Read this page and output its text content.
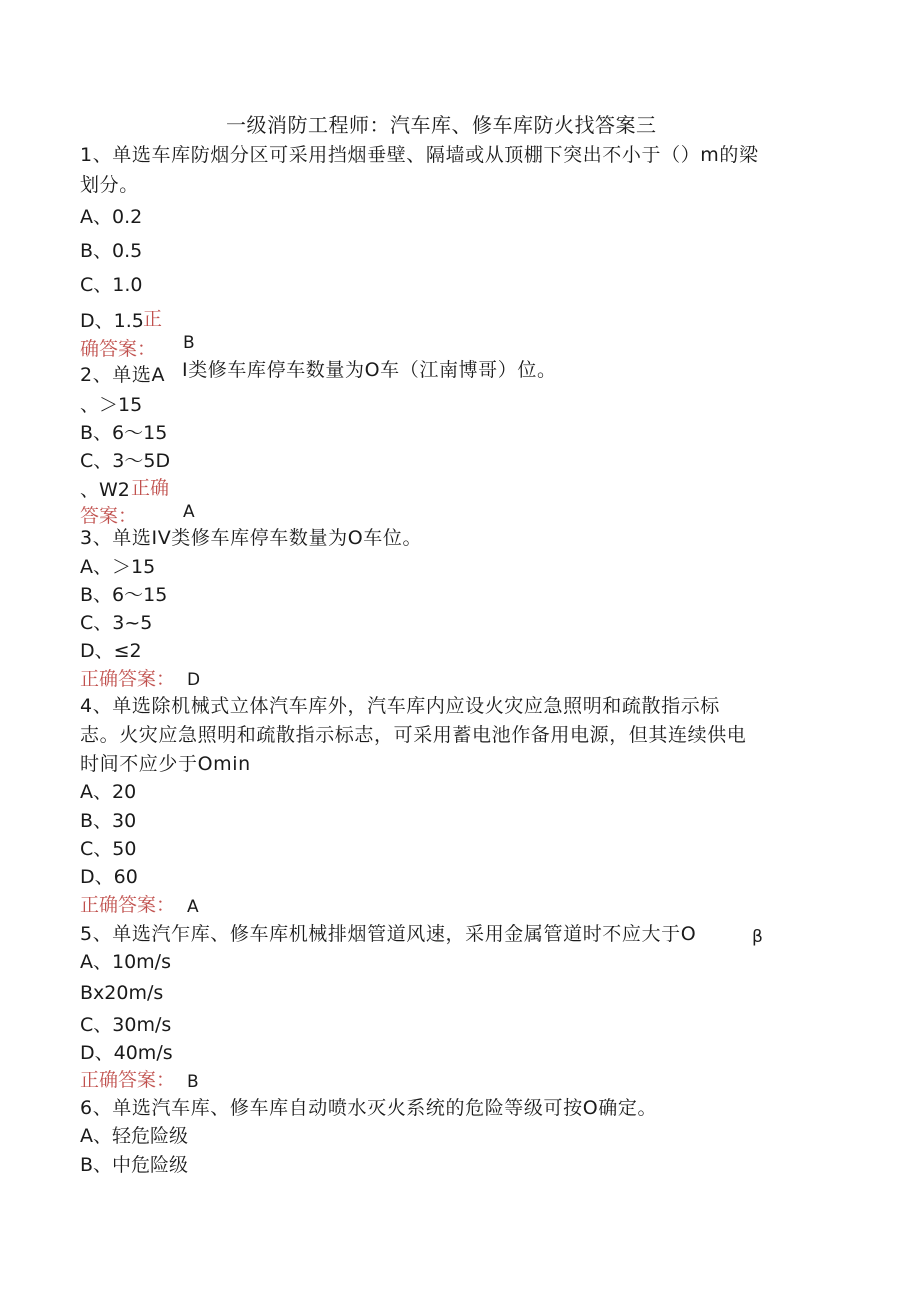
一级消防工程师：汽车库、修车库防火找答案三
1、单选车库防烟分区可采用挡烟垂壁、隔墙或从顶棚下突出不小于（）m的梁
划分。
A、0.2
B、0.5
C、1.0
D、1.5 正
确答案： B
2、单选A I类修车库停车数量为O车（江南博哥）位。
、＞15
B、6～15
C、3～5D
、W2 正确
答案：	A
3、单选IV类修车库停车数量为O车位。
A、＞15
B、6～15
C、3~5
D、≤2
正确答案： D
4、单选除机械式立体汽车库外，汽车库内应设火灾应急照明和疏散指示标
志。火灾应急照明和疏散指示标志，可采用蓄电池作备用电源，但其连续供电
时间不应少于Omin
A、20
B、30
C、50
D、60
正确答案： A
5、单选汽乍库、修车库机械排烟管道风速，采用金属管道时不应大于O	β
A、10m∕s
Bx20m∕s
C、30m∕s
D、40m∕s
正确答案： B
6、单选汽车库、修车库自动喷水灭火系统的危险等级可按O确定。
A、轻危险级
B、中危险级
